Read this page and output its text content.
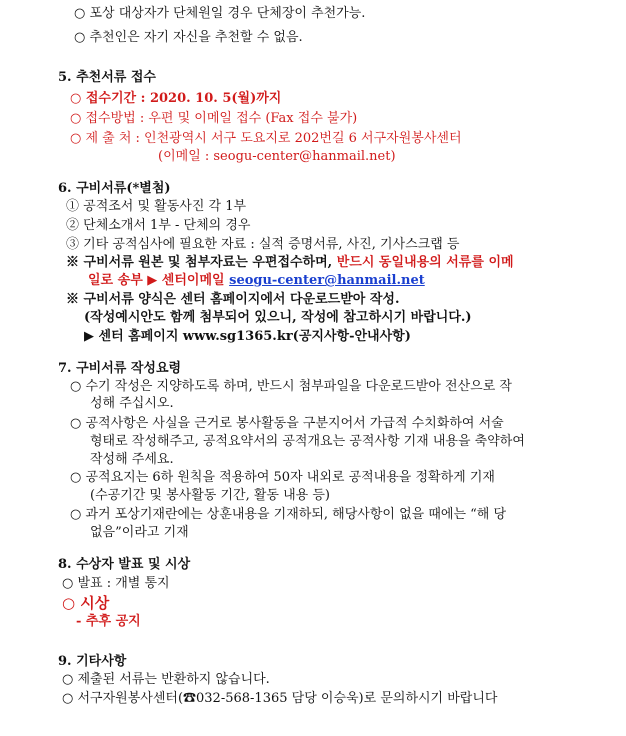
○ 포상 대상자가 단체원일 경우 단체장이 추천가능.
○ 추천인은 자기 자신을 추천할 수 없음.
5. 추천서류 접수
○ 접수기간 : 2020. 10. 5(월)까지
○ 접수방법 : 우편 및 이메일 접수 (Fax 접수 불가)
○ 제 출 처 : 인천광역시 서구 도요지로 202번길 6 서구자원봉사센터
(이메일 : seogu-center@hanmail.net)
6. 구비서류(*별첨)
① 공적조서 및 활동사진 각 1부
② 단체소개서 1부 - 단체의 경우
③ 기타 공적심사에 필요한 자료 : 실적 증명서류, 사진, 기사스크랩 등
※ 구비서류 원본 및 첨부자료는 우편접수하며, 반드시 동일내용의 서류를 이메
일로 송부 ▶ 센터이메일 seogu-center@hanmail.net
※ 구비서류 양식은 센터 홈페이지에서 다운로드받아 작성.
(작성예시안도 함께 첨부되어 있으니, 작성에 참고하시기 바랍니다.)
▶ 센터 홈페이지 www.sg1365.kr(공지사항-안내사항)
7. 구비서류 작성요령
○ 수기 작성은 지양하도록 하며, 반드시 첨부파일을 다운로드받아 전산으로 작
성해 주십시오.
○ 공적사항은 사실을 근거로 봉사활동을 구분지어서 가급적 수치화하여 서술
형태로 작성해주고, 공적요약서의 공적개요는 공적사항 기재 내용을 축약하여
작성해 주세요.
○ 공적요지는 6하 원칙을 적용하여 50자 내외로 공적내용을 정확하게 기재
(수공기간 및 봉사활동 기간, 활동 내용 등)
○ 과거 포상기재란에는 상훈내용을 기재하되, 해당사항이 없을 때에는 “해 당
없음”이라고 기재
8. 수상자 발표 및 시상
○ 발표 : 개별 통지
○ 시상
- 추후 공지
9. 기타사항
○ 제출된 서류는 반환하지 않습니다.
○ 서구자원봉사센터(☎032-568-1365 담당 이승욱)로 문의하시기 바랍니다
